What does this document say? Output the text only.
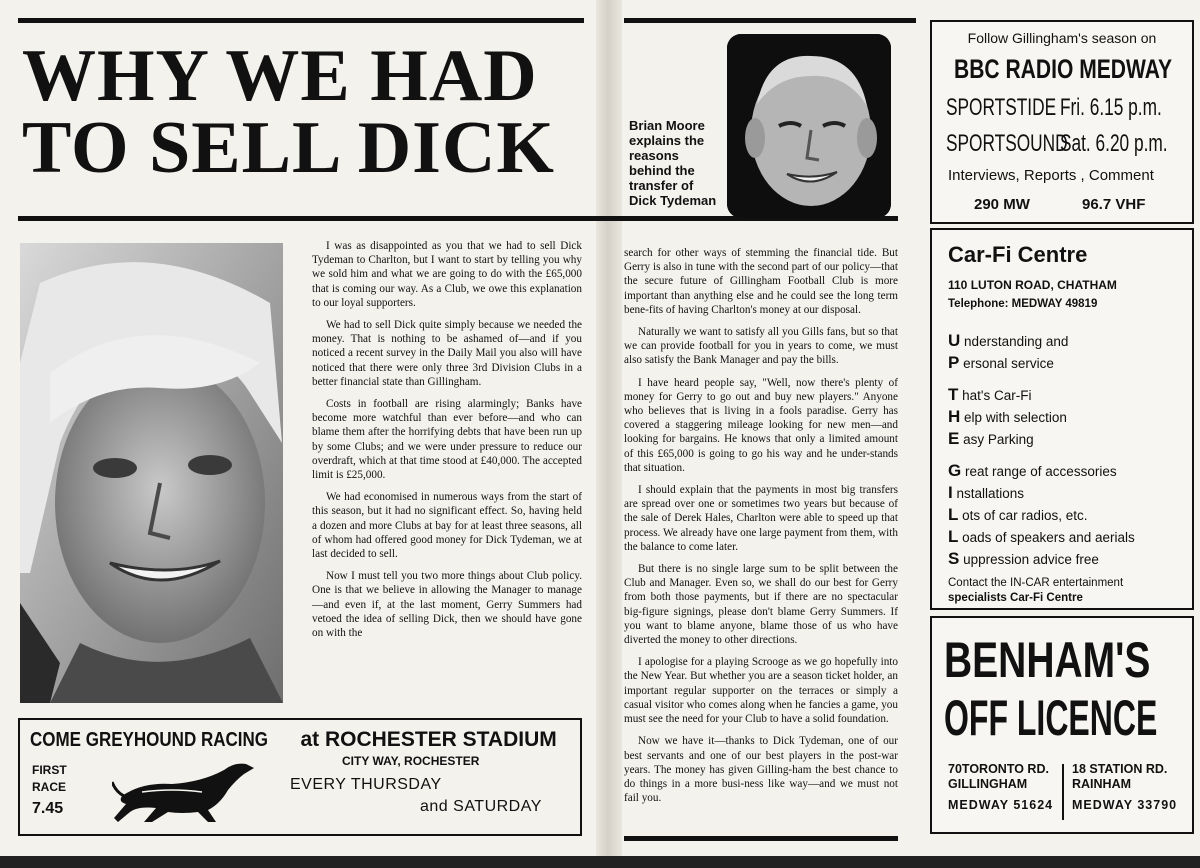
WHY WE HAD
TO SELL DICK

I was as disappointed as you that we had to sell Dick Tydeman to Charlton, but I want to start by telling you why we sold him and what we are going to do with the £65,000 that is coming our way. As a Club, we owe this explanation to our loyal supporters.

We had to sell Dick quite simply because we needed the money. That is nothing to be ashamed of—and if you noticed a recent survey in the Daily Mail you also will have noticed that there were only three 3rd Division Clubs in a better financial state than Gillingham.

Costs in football are rising alarmingly; Banks have become more watchful than ever before—and who can blame them after the horrifying debts that have been run up by some Clubs; and we were under pressure to reduce our overdraft, which at that time stood at £40,000. The accepted limit is £25,000.

We had economised in numerous ways from the start of this season, but it had no significant effect. So, having held a dozen and more Clubs at bay for at least three seasons, all of whom had offered good money for Dick Tydeman, we at last decided to sell.

Now I must tell you two more things about Club policy. One is that we believe in allowing the Manager to manage—and even if, at the last moment, Gerry Summers had vetoed the idea of selling Dick, then we should have gone on with the

COME GREYHOUND RACING at ROCHESTER STADIUM
FIRST
RACE
7.45
CITY WAY, ROCHESTER
EVERY THURSDAY
and SATURDAY
Brian Moore explains the reasons behind the transfer of Dick Tydeman

search for other ways of stemming the financial tide. But Gerry is also in tune with the second part of our policy—that the secure future of Gillingham Football Club is more important than anything else and he could see the long term bene-fits of having Charlton's money at our disposal.

Naturally we want to satisfy all you Gills fans, but so that we can provide football for you in years to come, we must also satisfy the Bank Manager and pay the bills.

I have heard people say, "Well, now there's plenty of money for Gerry to go out and buy new players." Anyone who believes that is living in a fools paradise. Gerry has covered a staggering mileage looking for new men—and looking for bargains. He knows that only a limited amount of this £65,000 is going to go his way and he under-stands that situation.

I should explain that the payments in most big transfers are spread over one or sometimes two years but because of the sale of Derek Hales, Charlton were able to speed up that process. We already have one large payment from them, with the balance to come later.

But there is no single large sum to be split between the Club and Manager. Even so, we shall do our best for Gerry from both those payments, but if there are no spectacular big-figure signings, please don't blame Gerry Summers. If you want to blame anyone, blame those of us who have diverted the money to other directions.

I apologise for a playing Scrooge as we go hopefully into the New Year. But whether you are a season ticket holder, an important regular supporter on the terraces or simply a casual visitor who comes along when he fancies a game, you must see the need for your Club to have a solid foundation.

Now we have it—thanks to Dick Tydeman, one of our best servants and one of our best players in the post-war years. The money has given Gilling-ham the best chance to do things in a more busi-ness like way—and we must not fail you.

Follow Gillingham's season on
BBC RADIO MEDWAY
SPORTSTIDE Fri. 6.15 p.m.
SPORTSOUND
Sat. 6.20 p.m.
Interviews, Reports , Comment
290 MW	96.7 VHF
Car-Fi Centre
110 LUTON ROAD, CHATHAM
Telephone: MEDWAY 49819
U nderstanding and
P ersonal service
T hat's Car-Fi
H elp with selection
E asy Parking
G reat range of accessories
I nstallations
L ots of car radios, etc.
L oads of speakers and aerials
S uppression advice free
Contact the IN-CAR entertainment
specialists Car-Fi Centre
BENHAM'S
OFF LICENCE
70TORONTO RD.
GILLINGHAM
MEDWAY 51624
18 STATION RD.
RAINHAM
MEDWAY 33790
